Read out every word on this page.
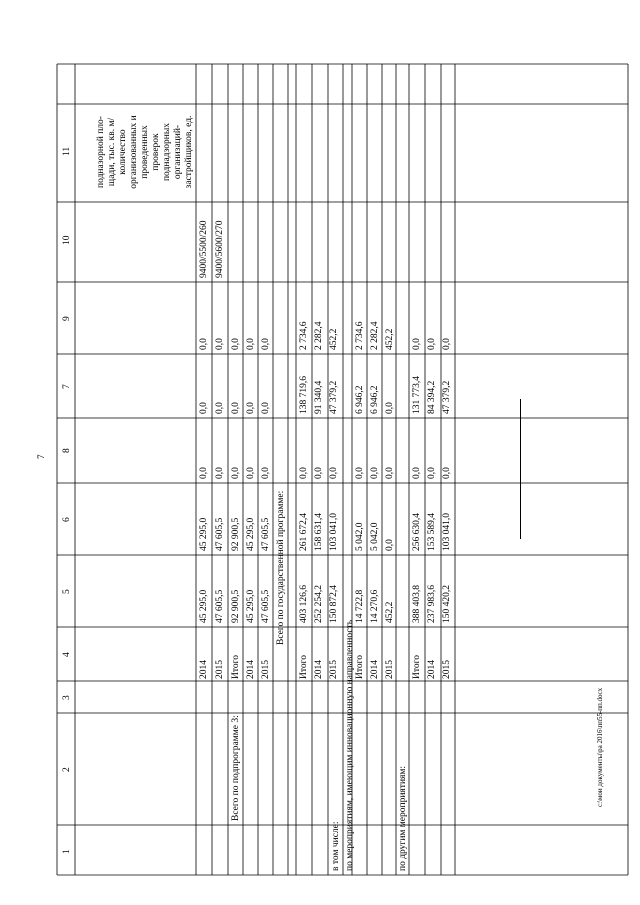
7
с:\мои документы\ра 2016\пп55-пп.docx
1
2
3
4
5
6
8
7
9
10
11	подназорной пло-щади, тыс. кв. м/ количество организованных и проведенных проверок поднадзорных организаций-застройщиков, ед.
2014
45 295,0
45 295,0
0,0
0,0
0,0
9400/5500/260
2015
47 605,5
47 605,5
0,0
0,0
0,0
9400/5600/270
Всего по подпрограмме 3:
Итого
92 900,5
92 900,5
0,0
0,0
0,0
2014
45 295,0
45 295,0
0,0
0,0
0,0
2015
47 605,5
47 605,5
0,0
0,0
0,0
Всего по государственной программе:
Итого
403 126,6
261 672,4
0,0
138 719,6
2 734,6
2014
252 254,2
158 631,4
0,0
91 340,4
2 282,4
2015
150 872,4
103 041,0
0,0
47 379,2
452,2
в том числе: по мероприятиям, имеющим инновационную направленность Итого
14 722,8
5 042,0
0,0
6 946,2
2 734,6
2014
14 270,6
5 042,0
0,0
6 946,2
2 282,4
2015
452,2
0,0
0,0
0,0
452,2
по другим мероприятиям:
Итого
388 403,8
256 630,4
0,0
131 773,4
0,0
2014
237 983,6
153 589,4
0,0
84 394,2
0,0
2015
150 420,2
103 041,0
0,0
47 379,2
0,0
